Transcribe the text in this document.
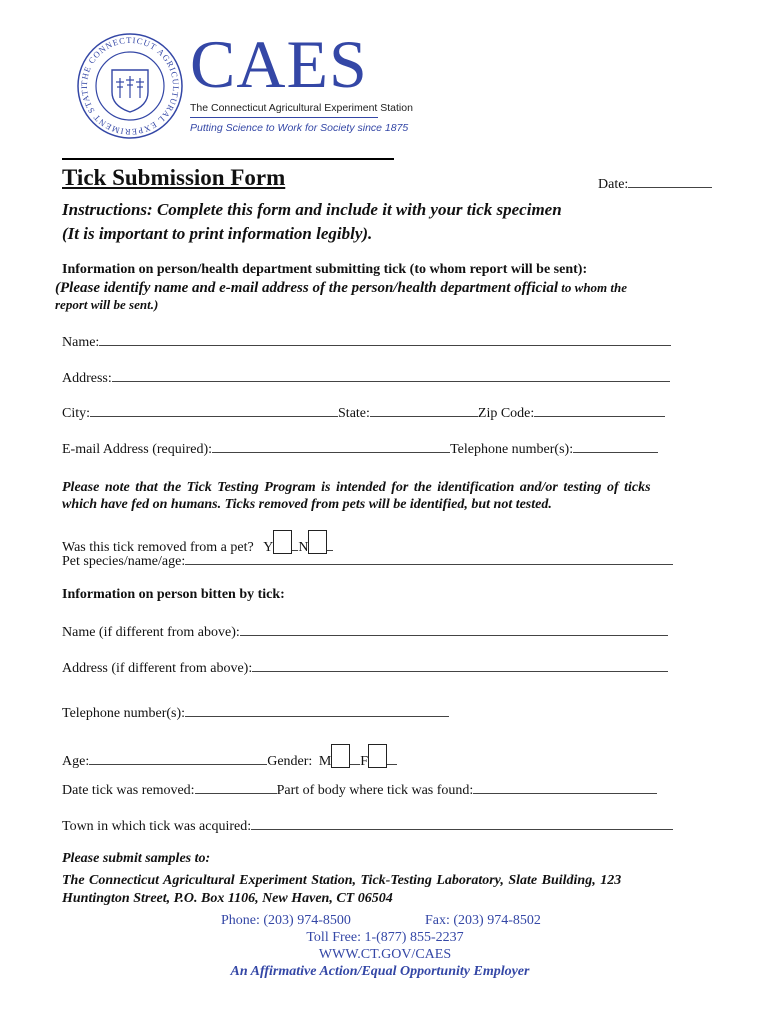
THE CONNECTICUT AGRICULTURAL EXPERIMENT STATI	CAES
The Connecticut Agricultural Experiment Station
Putting Science to Work for Society since 1875
Tick Submission Form	Date:
Instructions: Complete this form and include it with your tick specimen
(It is important to print information legibly).
Information on person/health department submitting tick (to whom report will be sent):
(Please identify name and e-mail address of the person/health department official to whom the
report will be sent.)
Name:
Address:
City:	State:	Zip Code:
E-mail Address (required):	Telephone number(s):
Please note that the Tick Testing Program is intended for the identification and/or testing of ticks
which have fed on humans. Ticks removed from pets will be identified, but not tested.
Was this tick removed from a pet? Y N
Pet species/name/age:
Information on person bitten by tick:
Name (if different from above):
Address (if different from above):
Telephone number(s):
Age:	Gender: M F
Date tick was removed:	Part of body where tick was found:
Town in which tick was acquired:
Please submit samples to:
The Connecticut Agricultural Experiment Station, Tick-Testing Laboratory, Slate Building, 123
Huntington Street, P.O. Box 1106, New Haven, CT 06504
Phone: (203) 974-8500	Fax: (203) 974-8502
Toll Free: 1-(877) 855-2237
WWW.CT.GOV/CAES
An Affirmative Action/Equal Opportunity Employer
